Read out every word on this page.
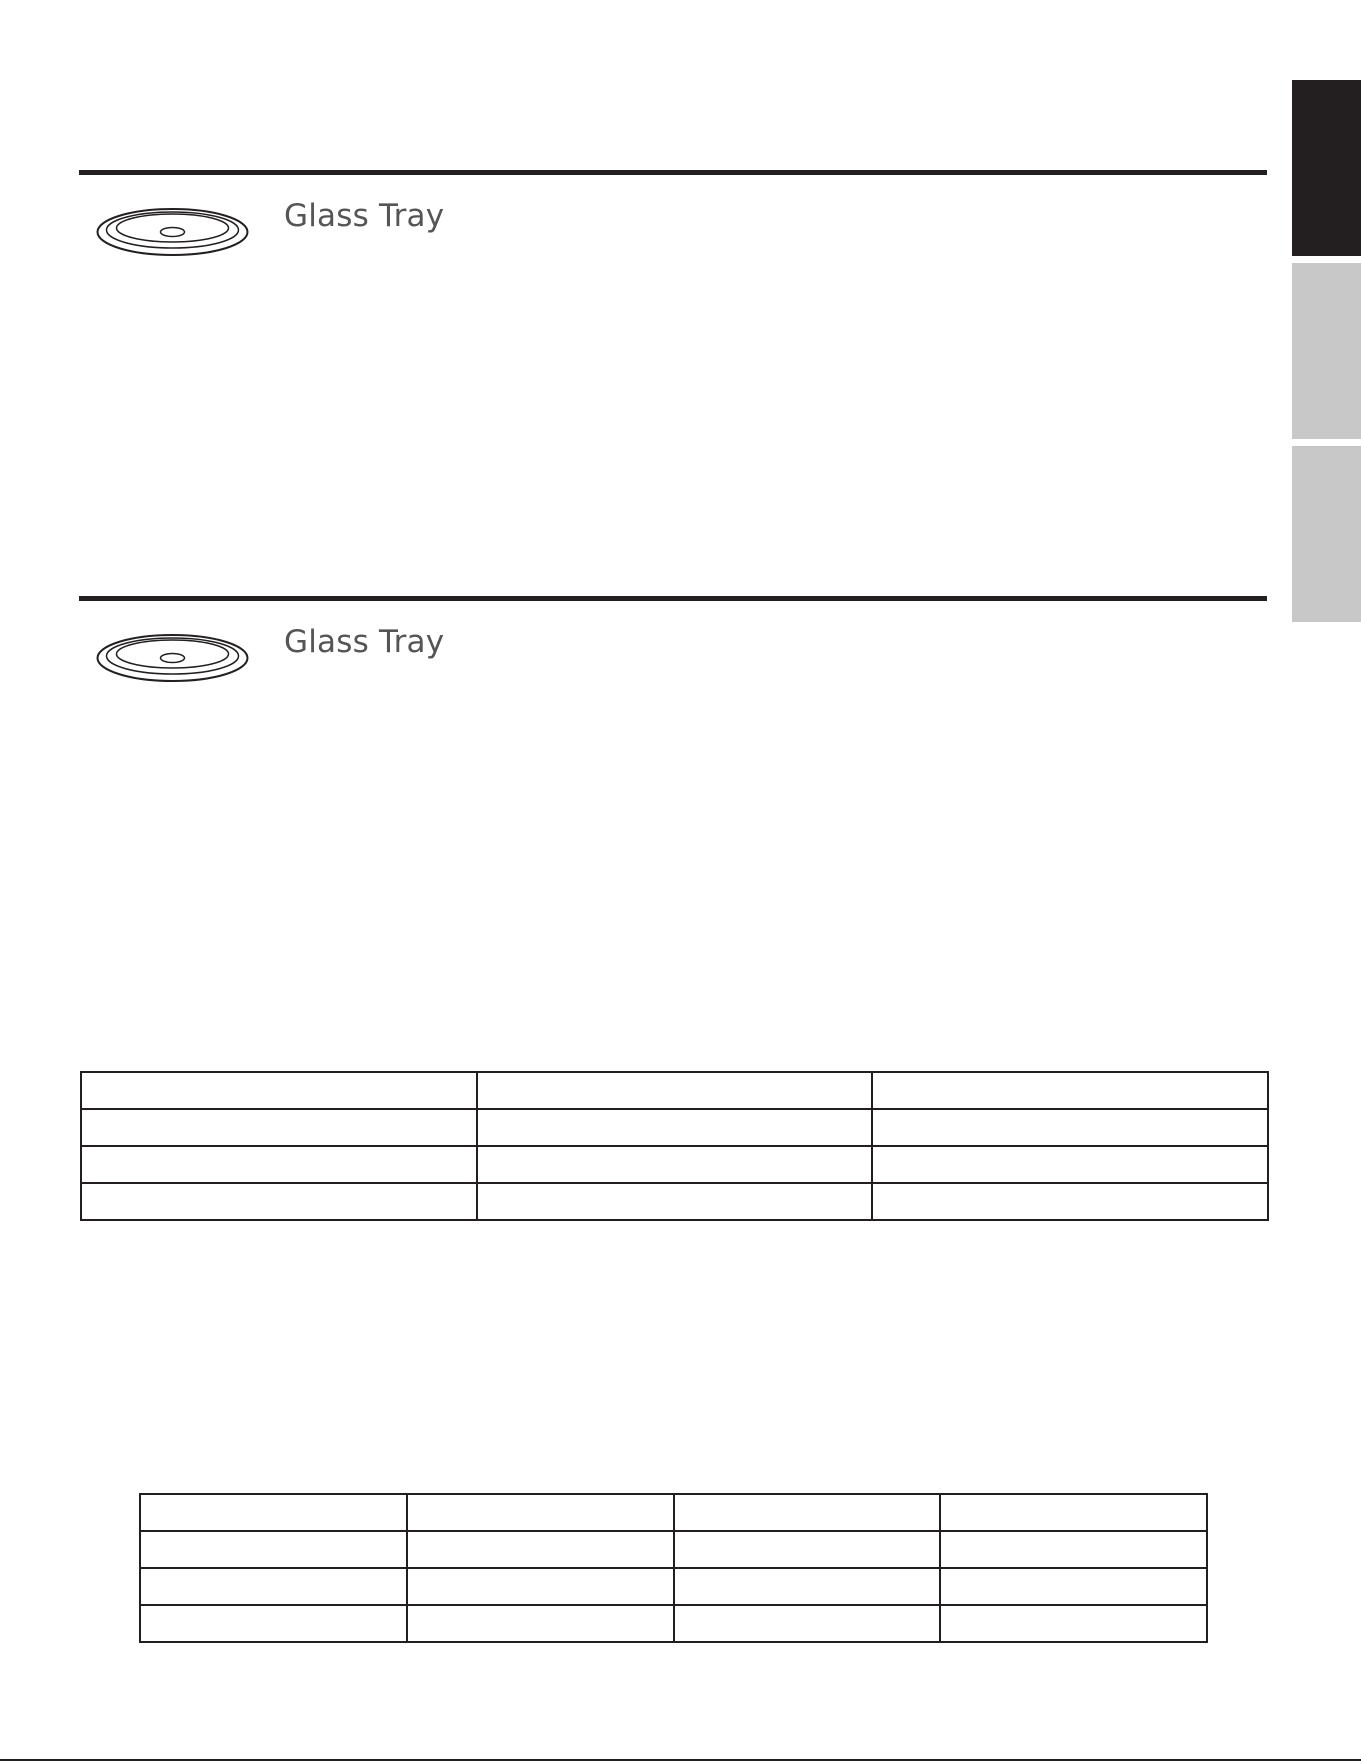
Glass Tray
Glass Tray
